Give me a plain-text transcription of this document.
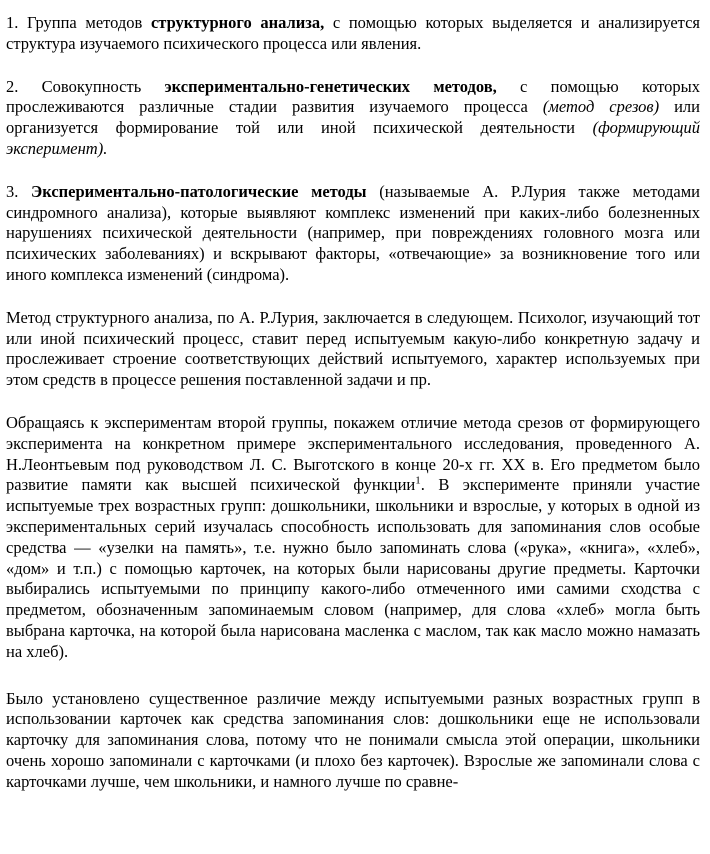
1. Группа методов структурного анализа, с помощью которых выделяется и анализируется структура изучаемого психического процесса или явления.

2. Совокупность экспериментально-генетических методов, с помощью которых прослеживаются различные стадии развития изучаемого процесса (метод срезов) или организуется формирование той или иной психической деятельности (формирующий эксперимент).

3. Экспериментально-патологические методы (называемые А. Р.Лурия также методами синдромного анализа), которые выявляют комплекс изменений при каких-либо болезненных нарушениях психической деятельности (например, при повреждениях головного мозга или психических заболеваниях) и вскрывают факторы, «отвечающие» за возникновение того или иного комплекса изменений (синдрома).

Метод структурного анализа, по А. Р.Лурия, заключается в следующем. Психолог, изучающий тот или иной психический процесс, ставит перед испытуемым какую-либо конкретную задачу и прослеживает строение соответствующих действий испытуемого, характер используемых при этом средств в процессе решения поставленной задачи и пр.

Обращаясь к экспериментам второй группы, покажем отличие метода срезов от формирующего эксперимента на конкретном примере экспериментального исследования, проведенного А. Н.Леонтьевым под руководством Л. С. Выготского в конце 20-х гг. XX в. Его предметом было развитие памяти как высшей психической функции$^1$. В эксперименте приняли участие испытуемые трех возрастных групп: дошкольники, школьники и взрослые, у которых в одной из экспериментальных серий изучалась способность использовать для запоминания слов особые средства — «узелки на память», т.е. нужно было запоминать слова («рука», «книга», «хлеб», «дом» и т.п.) с помощью карточек, на которых были нарисованы другие предметы. Карточки выбирались испытуемыми по принципу какого-либо отмеченного ими самими сходства с предметом, обозначенным запоминаемым словом (например, для слова «хлеб» могла быть выбрана карточка, на которой была нарисована масленка с маслом, так как масло можно намазать на хлеб).

Было установлено существенное различие между испытуемыми разных возрастных групп в использовании карточек как средства запоминания слов: дошкольники еще не использовали карточку для запоминания слова, потому что не понимали смысла этой операции, школьники очень хорошо запоминали с карточками (и плохо без карточек). Взрослые же запоминали слова с карточками лучше, чем школьники, и намного лучше по сравне-
